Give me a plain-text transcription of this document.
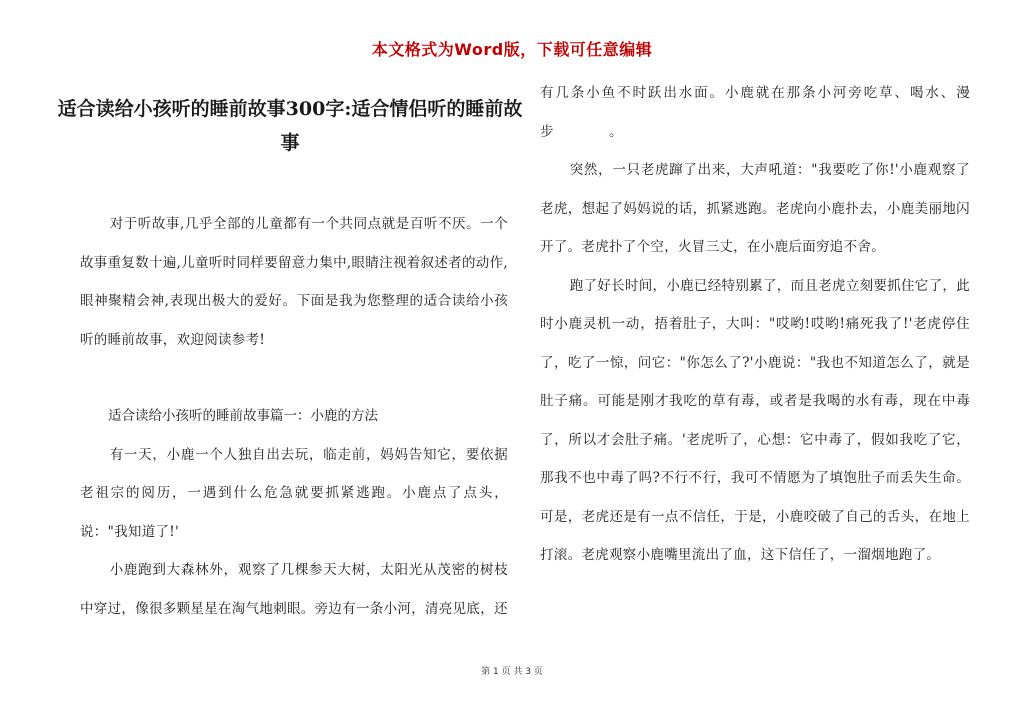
本文格式为Word版，下载可任意编辑
适合读给小孩听的睡前故事300字:适合情侣听的睡前故事

对于听故事,几乎全部的儿童都有一个共同点就是百听不厌。一个故事重复数十遍,儿童听时同样要留意力集中,眼睛注视着叙述者的动作,眼神聚精会神,表现出极大的爱好。下面是我为您整理的适合读给小孩听的睡前故事，欢迎阅读参考!

适合读给小孩听的睡前故事篇一：小鹿的方法

有一天，小鹿一个人独自出去玩，临走前，妈妈告知它，要依据老祖宗的阅历，一遇到什么危急就要抓紧逃跑。小鹿点了点头，说："我知道了!'

小鹿跑到大森林外，观察了几棵参天大树，太阳光从茂密的树枝中穿过，像很多颗星星在淘气地刺眼。旁边有一条小河，清亮见底，还

有几条小鱼不时跃出水面。小鹿就在那条小河旁吃草、喝水、漫步　　　　。

突然，一只老虎蹿了出来，大声吼道："我要吃了你!'小鹿观察了老虎，想起了妈妈说的话，抓紧逃跑。老虎向小鹿扑去，小鹿美丽地闪开了。老虎扑了个空，火冒三丈，在小鹿后面穷追不舍。

跑了好长时间，小鹿已经特别累了，而且老虎立刻要抓住它了，此时小鹿灵机一动，捂着肚子，大叫："哎哟!哎哟!痛死我了!'老虎停住了，吃了一惊，问它："你怎么了?'小鹿说："我也不知道怎么了，就是肚子痛。可能是刚才我吃的草有毒，或者是我喝的水有毒，现在中毒了，所以才会肚子痛。'老虎听了，心想：它中毒了，假如我吃了它，那我不也中毒了吗?不行不行，我可不情愿为了填饱肚子而丢失生命。可是，老虎还是有一点不信任，于是，小鹿咬破了自己的舌头，在地上打滚。老虎观察小鹿嘴里流出了血，这下信任了，一溜烟地跑了。

第 1 页 共 3 页
